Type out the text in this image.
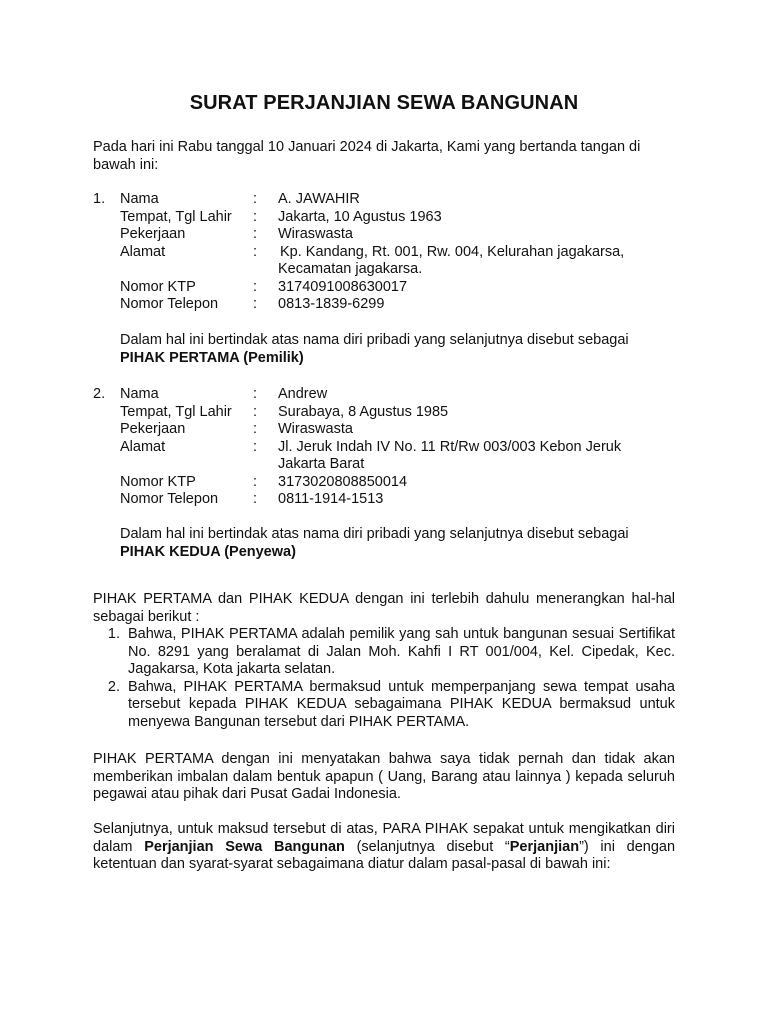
SURAT PERJANJIAN SEWA BANGUNAN
Pada hari ini Rabu tanggal 10 Januari 2024 di Jakarta, Kami yang bertanda tangan di bawah ini:
1.	Nama	:	A. JAWAHIR
Tempat, Tgl Lahir	:	Jakarta, 10 Agustus 1963
Pekerjaan	:	Wiraswasta
Alamat	:	Kp. Kandang, Rt. 001, Rw. 004, Kelurahan jagakarsa,
Kecamatan jagakarsa.
Nomor KTP	:	3174091008630017
Nomor Telepon	:	0813-1839-6299
Dalam hal ini bertindak atas nama diri pribadi yang selanjutnya disebut sebagai PIHAK PERTAMA (Pemilik)
2.	Nama	:	Andrew
Tempat, Tgl Lahir	:	Surabaya, 8 Agustus 1985
Pekerjaan	:	Wiraswasta
Alamat	:	Jl. Jeruk Indah IV No. 11 Rt/Rw 003/003 Kebon Jeruk
Jakarta Barat
Nomor KTP	:	3173020808850014
Nomor Telepon	:	0811-1914-1513
Dalam hal ini bertindak atas nama diri pribadi yang selanjutnya disebut sebagai PIHAK KEDUA (Penyewa)
PIHAK PERTAMA dan PIHAK KEDUA dengan ini terlebih dahulu menerangkan hal-hal sebagai berikut :
1. Bahwa, PIHAK PERTAMA adalah pemilik yang sah untuk bangunan sesuai Sertifikat No. 8291 yang beralamat di Jalan Moh. Kahfi I RT 001/004, Kel. Cipedak, Kec. Jagakarsa, Kota jakarta selatan.
2. Bahwa, PIHAK PERTAMA bermaksud untuk memperpanjang sewa tempat usaha tersebut kepada PIHAK KEDUA sebagaimana PIHAK KEDUA bermaksud untuk menyewa Bangunan tersebut dari PIHAK PERTAMA.
PIHAK PERTAMA dengan ini menyatakan bahwa saya tidak pernah dan tidak akan memberikan imbalan dalam bentuk apapun ( Uang, Barang atau lainnya ) kepada seluruh pegawai atau pihak dari Pusat Gadai Indonesia.
Selanjutnya, untuk maksud tersebut di atas, PARA PIHAK sepakat untuk mengikatkan diri dalam Perjanjian Sewa Bangunan (selanjutnya disebut “Perjanjian”) ini dengan ketentuan dan syarat-syarat sebagaimana diatur dalam pasal-pasal di bawah ini:
